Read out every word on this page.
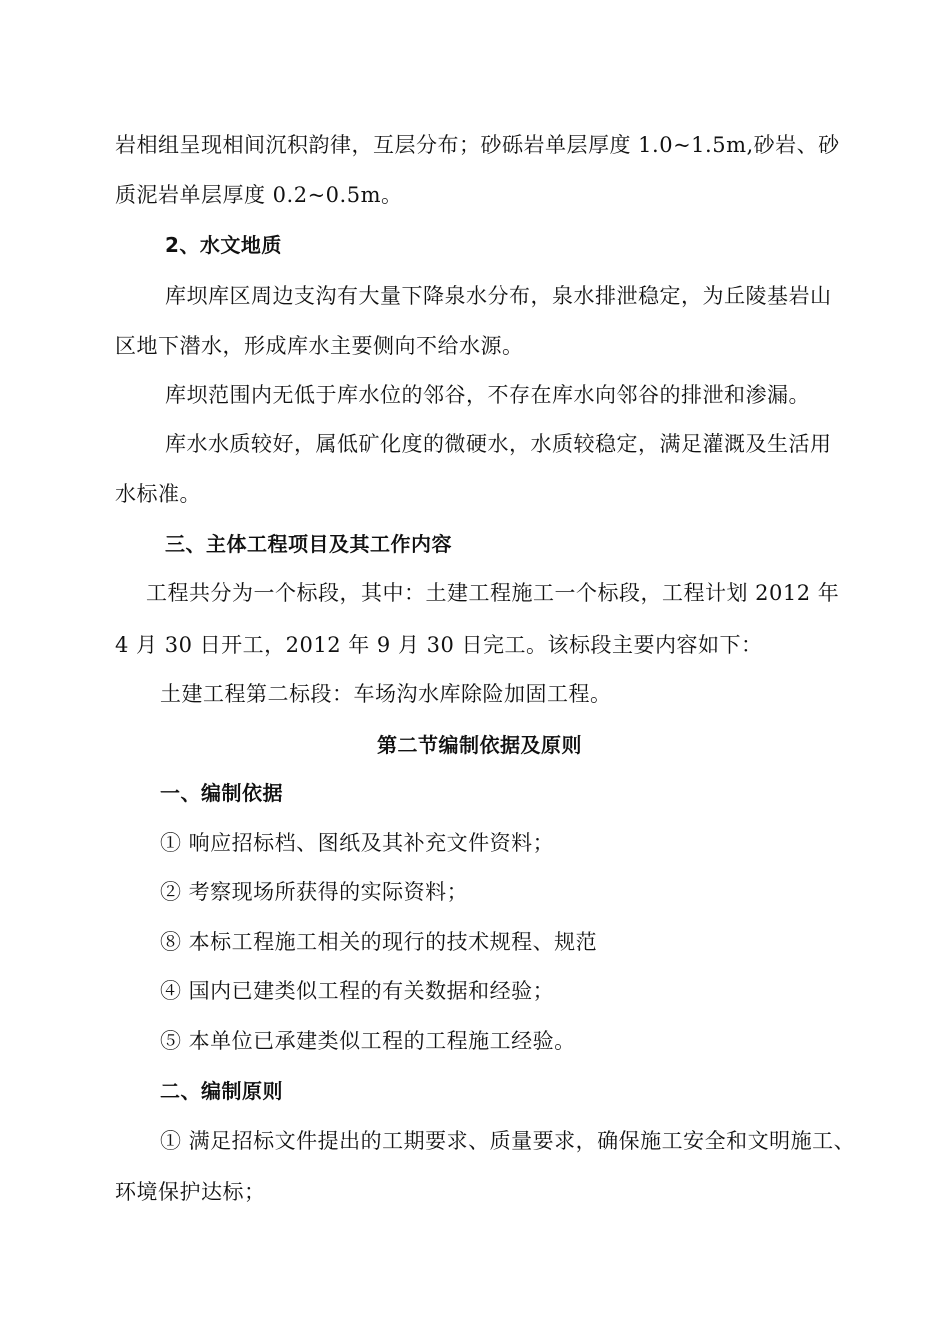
岩相组呈现相间沉积韵律，互层分布；砂砾岩单层厚度 1.0~1.5m,砂岩、砂

质泥岩单层厚度 0.2~0.5m。

2、水文地质

库坝库区周边支沟有大量下降泉水分布，泉水排泄稳定，为丘陵基岩山

区地下潜水，形成库水主要侧向不给水源。

库坝范围内无低于库水位的邻谷，不存在库水向邻谷的排泄和渗漏。

库水水质较好，属低矿化度的微硬水，水质较稳定，满足灌溉及生活用

水标准。

三、主体工程项目及其工作内容

工程共分为一个标段，其中：土建工程施工一个标段，工程计划 2012 年

4 月 30 日开工，2012 年 9 月 30 日完工。该标段主要内容如下：

土建工程第二标段：车场沟水库除险加固工程。

第二节编制依据及原则

一、编制依据

① 响应招标档、图纸及其补充文件资料；

② 考察现场所获得的实际资料；

⑧ 本标工程施工相关的现行的技术规程、规范

④ 国内已建类似工程的有关数据和经验；

⑤ 本单位已承建类似工程的工程施工经验。

二、编制原则

① 满足招标文件提出的工期要求、质量要求，确保施工安全和文明施工、

环境保护达标；
